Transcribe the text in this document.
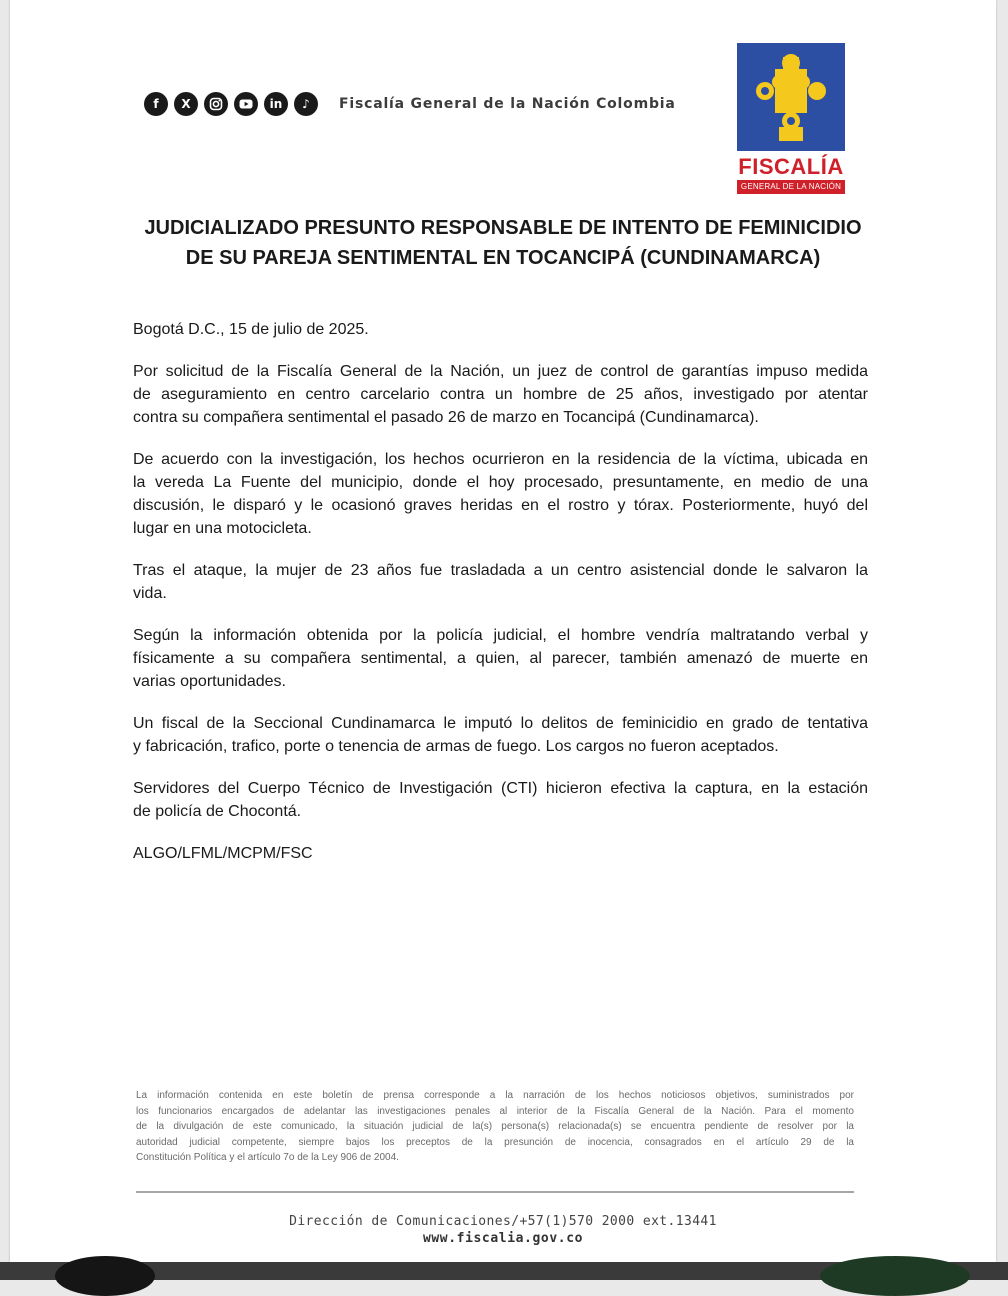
f	X	in	♪	Fiscalía General de la Nación Colombia
FISCALÍA
GENERAL DE LA NACIÓN
JUDICIALIZADO PRESUNTO RESPONSABLE DE INTENTO DE FEMINICIDIO
DE SU PAREJA SENTIMENTAL EN TOCANCIPÁ (CUNDINAMARCA)

Bogotá D.C., 15 de julio de 2025.

Por solicitud de la Fiscalía General de la Nación, un juez de control de garantías impuso medida
de aseguramiento en centro carcelario contra un hombre de 25 años, investigado por atentar
contra su compañera sentimental el pasado 26 de marzo en Tocancipá (Cundinamarca).

De acuerdo con la investigación, los hechos ocurrieron en la residencia de la víctima, ubicada en
la vereda La Fuente del municipio, donde el hoy procesado, presuntamente, en medio de una
discusión, le disparó y le ocasionó graves heridas en el rostro y tórax. Posteriormente, huyó del
lugar en una motocicleta.

Tras el ataque, la mujer de 23 años fue trasladada a un centro asistencial donde le salvaron la
vida.

Según la información obtenida por la policía judicial, el hombre vendría maltratando verbal y
físicamente a su compañera sentimental, a quien, al parecer, también amenazó de muerte en
varias oportunidades.

Un fiscal de la Seccional Cundinamarca le imputó lo delitos de feminicidio en grado de tentativa
y fabricación, trafico, porte o tenencia de armas de fuego. Los cargos no fueron aceptados.

Servidores del Cuerpo Técnico de Investigación (CTI) hicieron efectiva la captura, en la estación
de policía de Chocontá.

ALGO/LFML/MCPM/FSC

La información contenida en este boletín de prensa corresponde a la narración de los hechos noticiosos objetivos, suministrados por
los funcionarios encargados de adelantar las investigaciones penales al interior de la Fiscalía General de la Nación. Para el momento
de la divulgación de este comunicado, la situación judicial de la(s) persona(s) relacionada(s) se encuentra pendiente de resolver por la
autoridad judicial competente, siempre bajos los preceptos de la presunción de inocencia, consagrados en el artículo 29 de la
Constitución Política y el artículo 7o de la Ley 906 de 2004.
Dirección de Comunicaciones/+57(1)570 2000 ext.13441
www.fiscalia.gov.co
